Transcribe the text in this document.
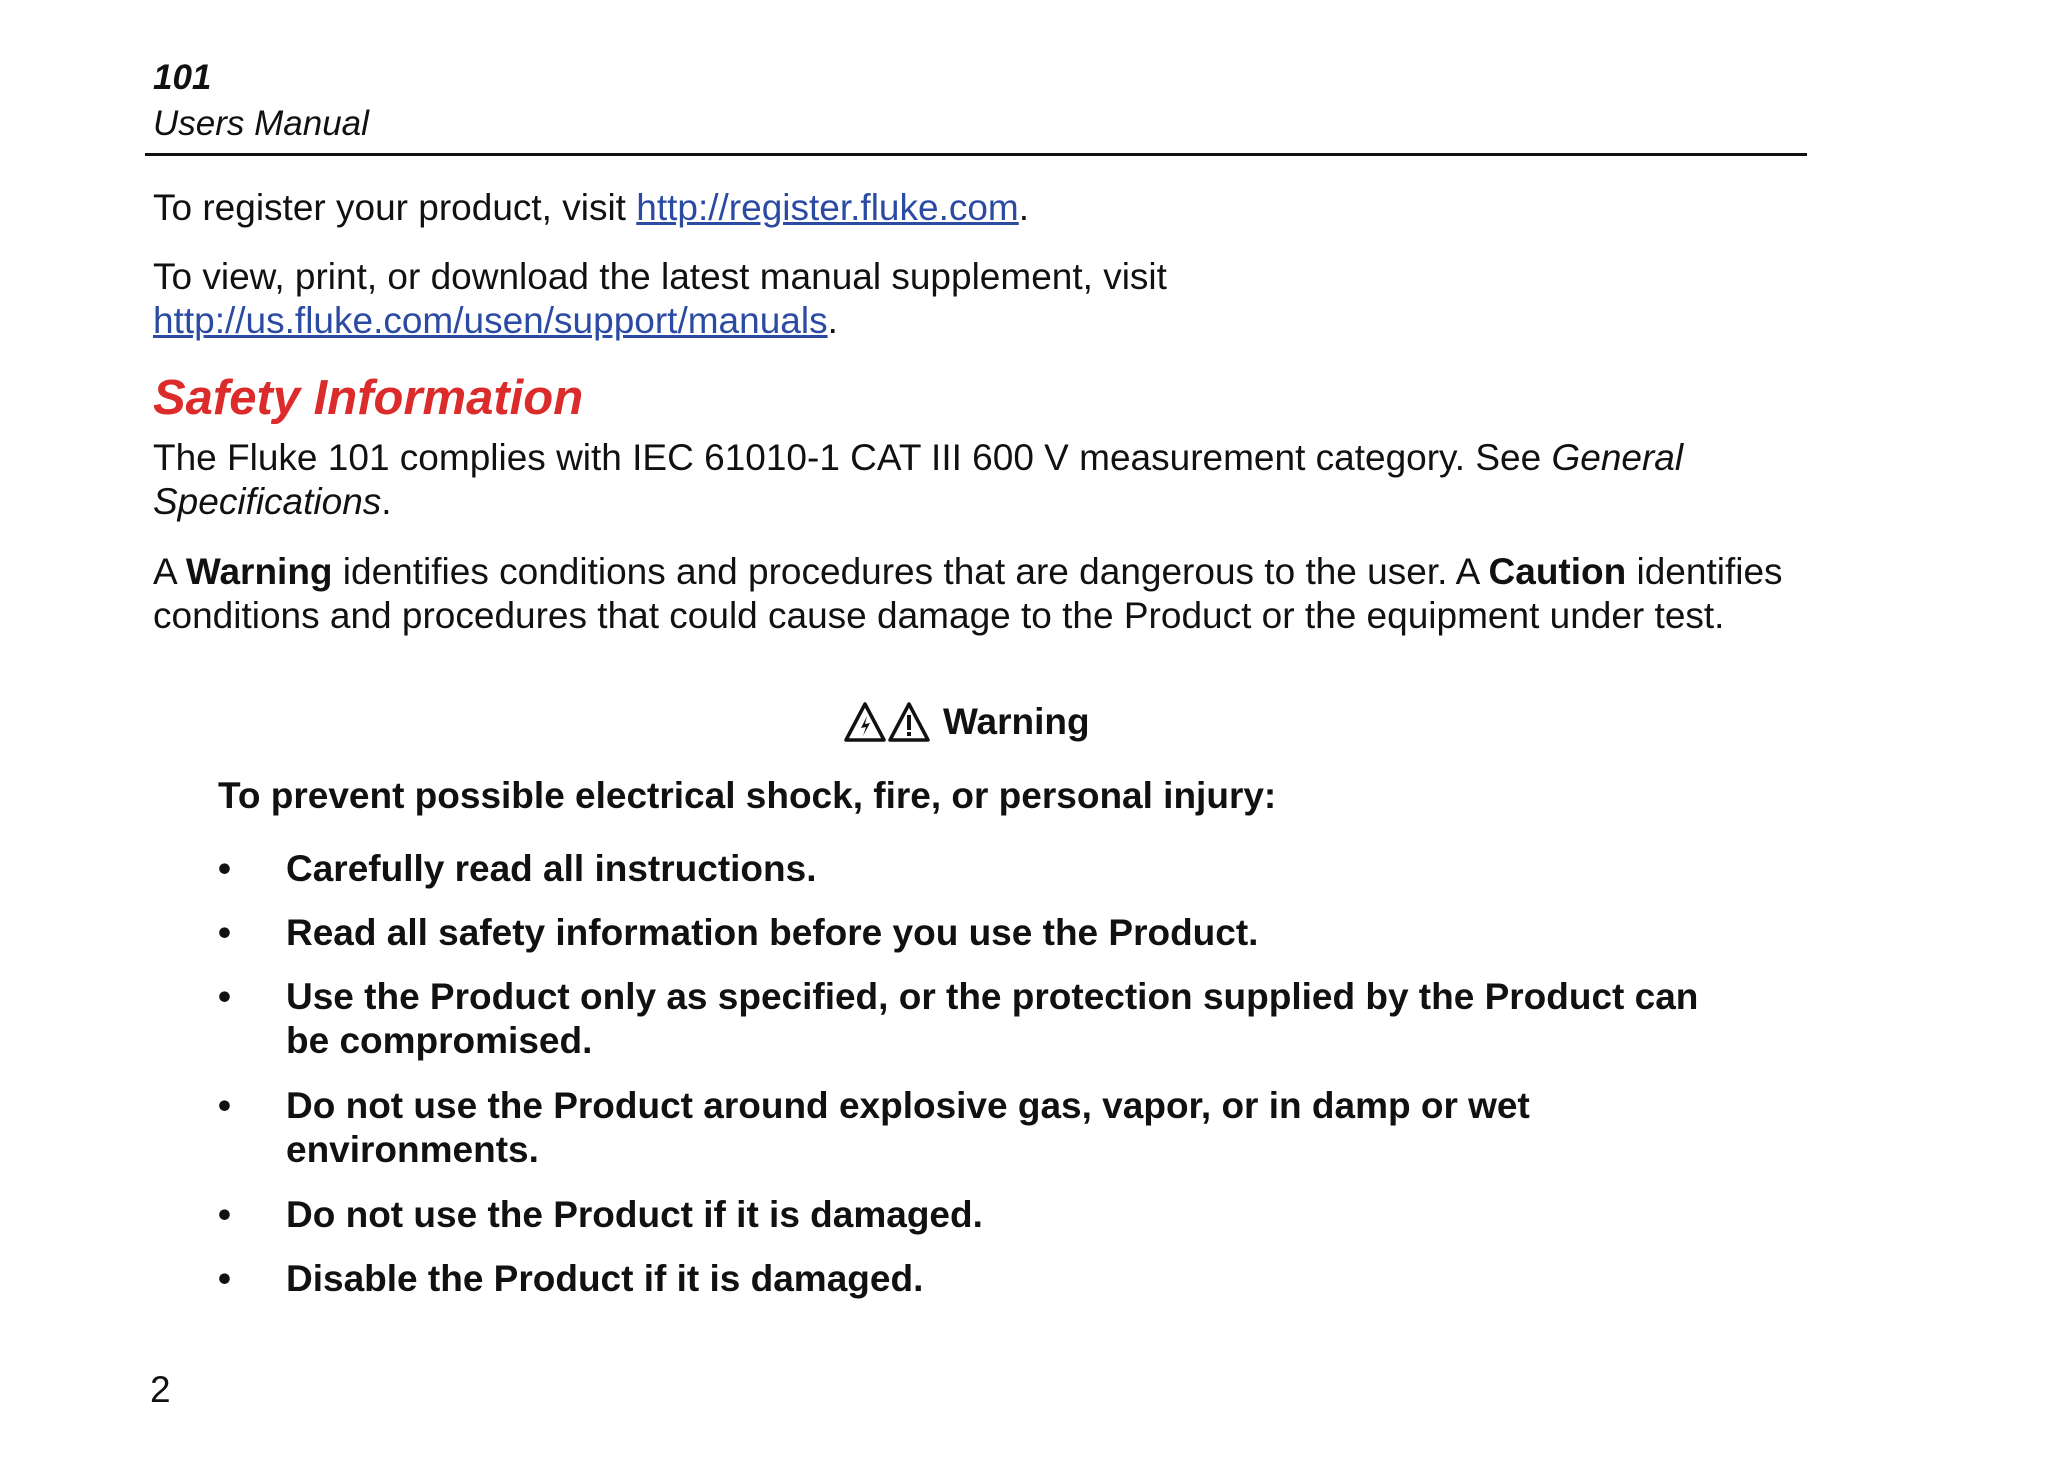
101
Users Manual
To register your product, visit http://register.fluke.com.
To view, print, or download the latest manual supplement, visit
http://us.fluke.com/usen/support/manuals.
Safety Information
The Fluke 101 complies with IEC 61010-1 CAT III 600 V measurement category. See General Specifications.
A Warning identifies conditions and procedures that are dangerous to the user. A Caution identifies conditions and procedures that could cause damage to the Product or the equipment under test.
Warning
To prevent possible electrical shock, fire, or personal injury:
•	Carefully read all instructions.
•	Read all safety information before you use the Product.
•	Use the Product only as specified, or the protection supplied by the Product can be compromised.
•	Do not use the Product around explosive gas, vapor, or in damp or wet environments.
•	Do not use the Product if it is damaged.
•	Disable the Product if it is damaged.
2
